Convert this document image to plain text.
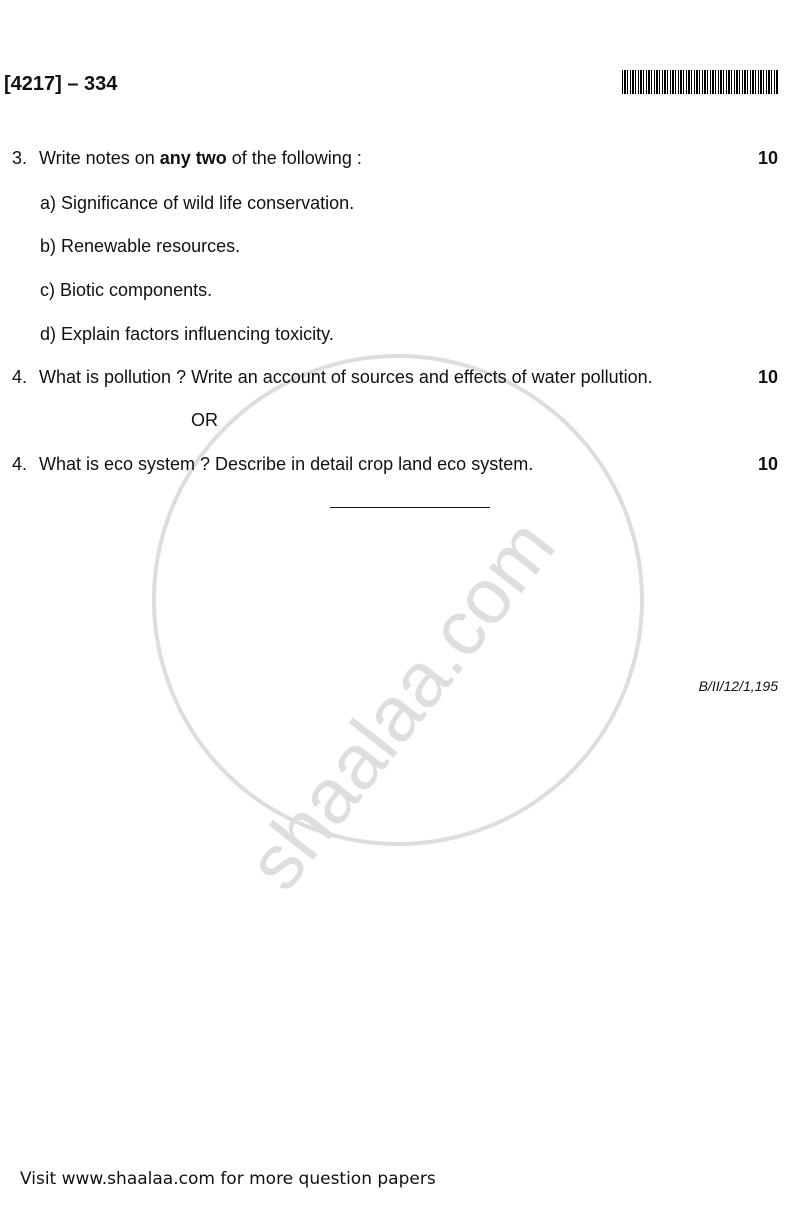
shaalaa.com
[4217] – 334
3. Write notes on any two of the following :	10
a) Significance of wild life conservation.
b) Renewable resources.
c) Biotic components.
d) Explain factors influencing toxicity.
4. What is pollution ? Write an account of sources and effects of water pollution.	10
OR
4. What is eco system ? Describe in detail crop land eco system.	10
B/II/12/1,195
Visit www.shaalaa.com for more question papers
